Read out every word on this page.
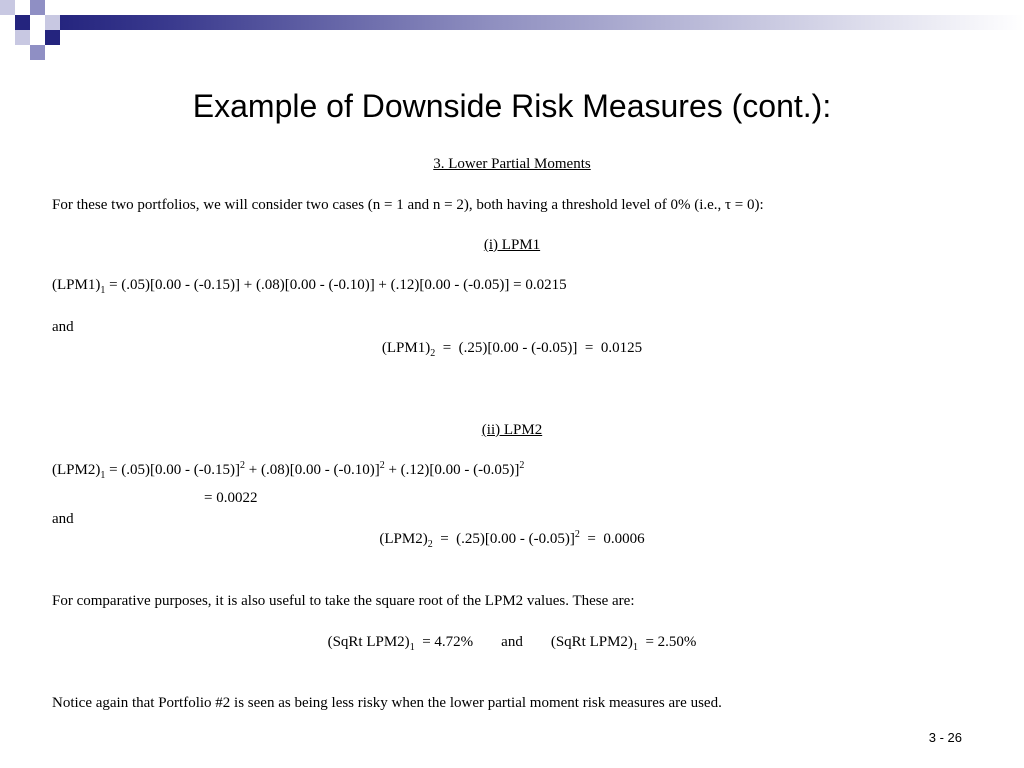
Example of Downside Risk Measures (cont.):
3. Lower Partial Moments
For these two portfolios, we will consider two cases (n = 1 and n = 2), both having a threshold level of 0% (i.e., τ = 0):
(i) LPM1
$(LPM1)_1 = (.05)[0.00 - (-0.15)] + (.08)[0.00 - (-0.10)] + (.12)[0.00 - (-0.05)] = 0.0215$
and
$(LPM1)_2 = (.25)[0.00 - (-0.05)] = 0.0125$
(ii) LPM2
$(LPM2)_1 = (.05)[0.00 - (-0.15)]^2 + (.08)[0.00 - (-0.10)]^2 + (.12)[0.00 - (-0.05)]^2$
= 0.0022
and
$(LPM2)_2 = (.25)[0.00 - (-0.05)]^2 = 0.0006$
For comparative purposes, it is also useful to take the square root of the LPM2 values. These are:
(SqRt $LPM2)_1 = 4.72\%$ and (SqRt $LPM2)_1 = 2.50\%$
Notice again that Portfolio #2 is seen as being less risky when the lower partial moment risk measures are used.
3 - 26
